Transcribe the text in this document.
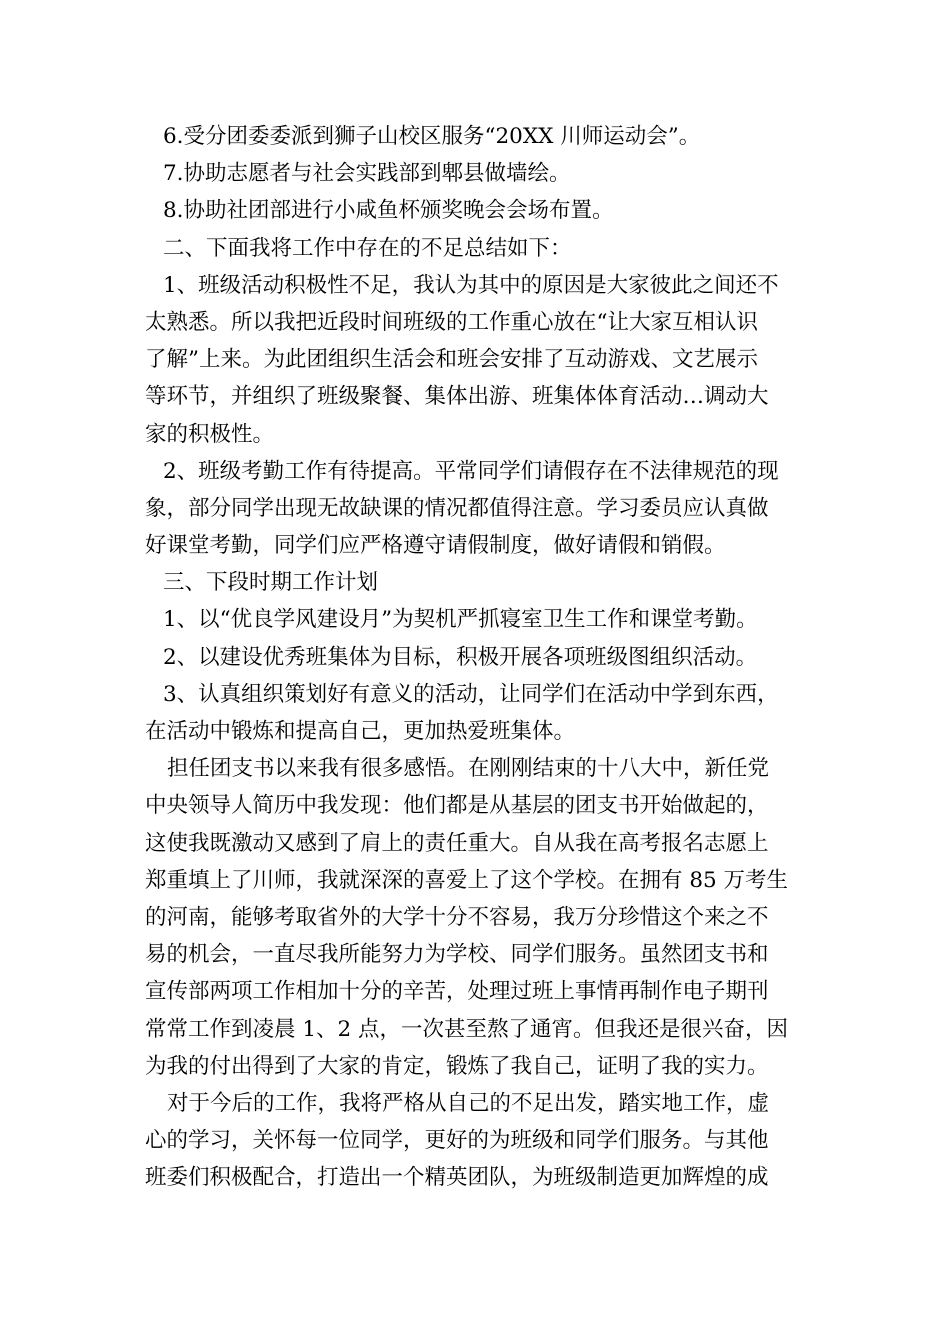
6.受分团委委派到狮子山校区服务“20XX 川师运动会”。
7.协助志愿者与社会实践部到郫县做墙绘。
8.协助社团部进行小咸鱼杯颁奖晚会会场布置。
二、下面我将工作中存在的不足总结如下：
1、班级活动积极性不足，我认为其中的原因是大家彼此之间还不
太熟悉。所以我把近段时间班级的工作重心放在“让大家互相认识
了解”上来。为此团组织生活会和班会安排了互动游戏、文艺展示
等环节，并组织了班级聚餐、集体出游、班集体体育活动…调动大
家的积极性。
2、班级考勤工作有待提高。平常同学们请假存在不法律规范的现
象，部分同学出现无故缺课的情况都值得注意。学习委员应认真做
好课堂考勤，同学们应严格遵守请假制度，做好请假和销假。
三、下段时期工作计划
1、以“优良学风建设月”为契机严抓寝室卫生工作和课堂考勤。
2、以建设优秀班集体为目标，积极开展各项班级图组织活动。
3、认真组织策划好有意义的活动，让同学们在活动中学到东西，
在活动中锻炼和提高自己，更加热爱班集体。
担任团支书以来我有很多感悟。在刚刚结束的十八大中，新任党
中央领导人简历中我发现：他们都是从基层的团支书开始做起的，
这使我既激动又感到了肩上的责任重大。自从我在高考报名志愿上
郑重填上了川师，我就深深的喜爱上了这个学校。在拥有 85 万考生
的河南，能够考取省外的大学十分不容易，我万分珍惜这个来之不
易的机会，一直尽我所能努力为学校、同学们服务。虽然团支书和
宣传部两项工作相加十分的辛苦，处理过班上事情再制作电子期刊
常常工作到凌晨 1、2 点，一次甚至熬了通宵。但我还是很兴奋，因
为我的付出得到了大家的肯定，锻炼了我自己，证明了我的实力。
对于今后的工作，我将严格从自己的不足出发，踏实地工作，虚
心的学习，关怀每一位同学，更好的为班级和同学们服务。与其他
班委们积极配合，打造出一个精英团队，为班级制造更加辉煌的成
